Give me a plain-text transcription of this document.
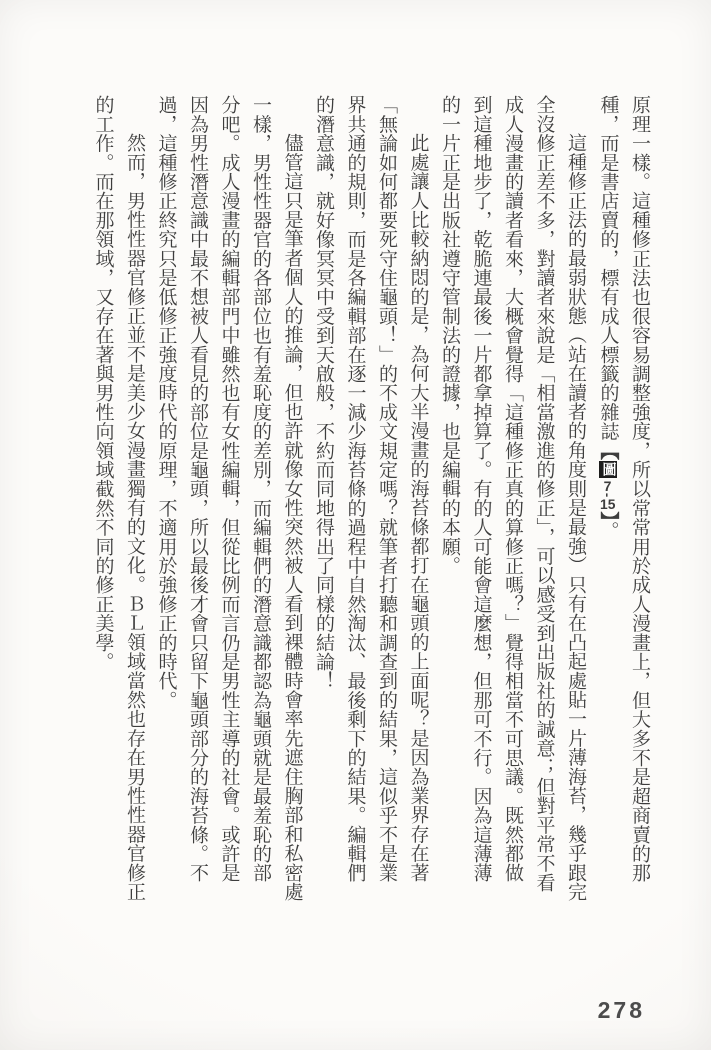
原理一樣。這種修正法也很容易調整強度，所以常常用於成人漫畫上，但大多不是超商賣的那種，而是書店賣的，標有成人標籤的雜誌【圖7-15】。

這種修正法的最弱狀態（站在讀者的角度則是最強）只有在凸起處貼一片薄海苔，幾乎跟完全沒修正差不多，對讀者來說是「相當激進的修正」，可以感受到出版社的誠意；但對平常不看成人漫畫的讀者看來，大概會覺得「這種修正真的算修正嗎？」覺得相當不可思議。既然都做到這種地步了，乾脆連最後一片都拿掉算了。有的人可能會這麼想，但那可不行。因為這薄薄的一片正是出版社遵守管制法的證據，也是編輯的本願。

此處讓人比較納悶的是，為何大半漫畫的海苔條都打在龜頭的上面呢？是因為業界存在著「無論如何都要死守住龜頭！」的不成文規定嗎？就筆者打聽和調查到的結果，這似乎不是業界共通的規則，而是各編輯部在逐一減少海苔條的過程中自然淘汰、最後剩下的結果。編輯們的潛意識，就好像冥冥中受到天啟般，不約而同地得出了同樣的結論！

儘管這只是筆者個人的推論，但也許就像女性突然被人看到裸體時會率先遮住胸部和私密處一樣，男性性器官的各部位也有羞恥度的差別，而編輯們的潛意識都認為龜頭就是最羞恥的部分吧。成人漫畫的編輯部門中雖然也有女性編輯，但從比例而言仍是男性主導的社會。或許是因為男性潛意識中最不想被人看見的部位是龜頭，所以最後才會只留下龜頭部分的海苔條。不過，這種修正終究只是低修正強度時代的原理，不適用於強修正的時代。

然而，男性性器官修正並不是美少女漫畫獨有的文化。ＢＬ領域當然也存在男性性器官修正的工作。而在那領域，又存在著與男性向領域截然不同的修正美學。

278
